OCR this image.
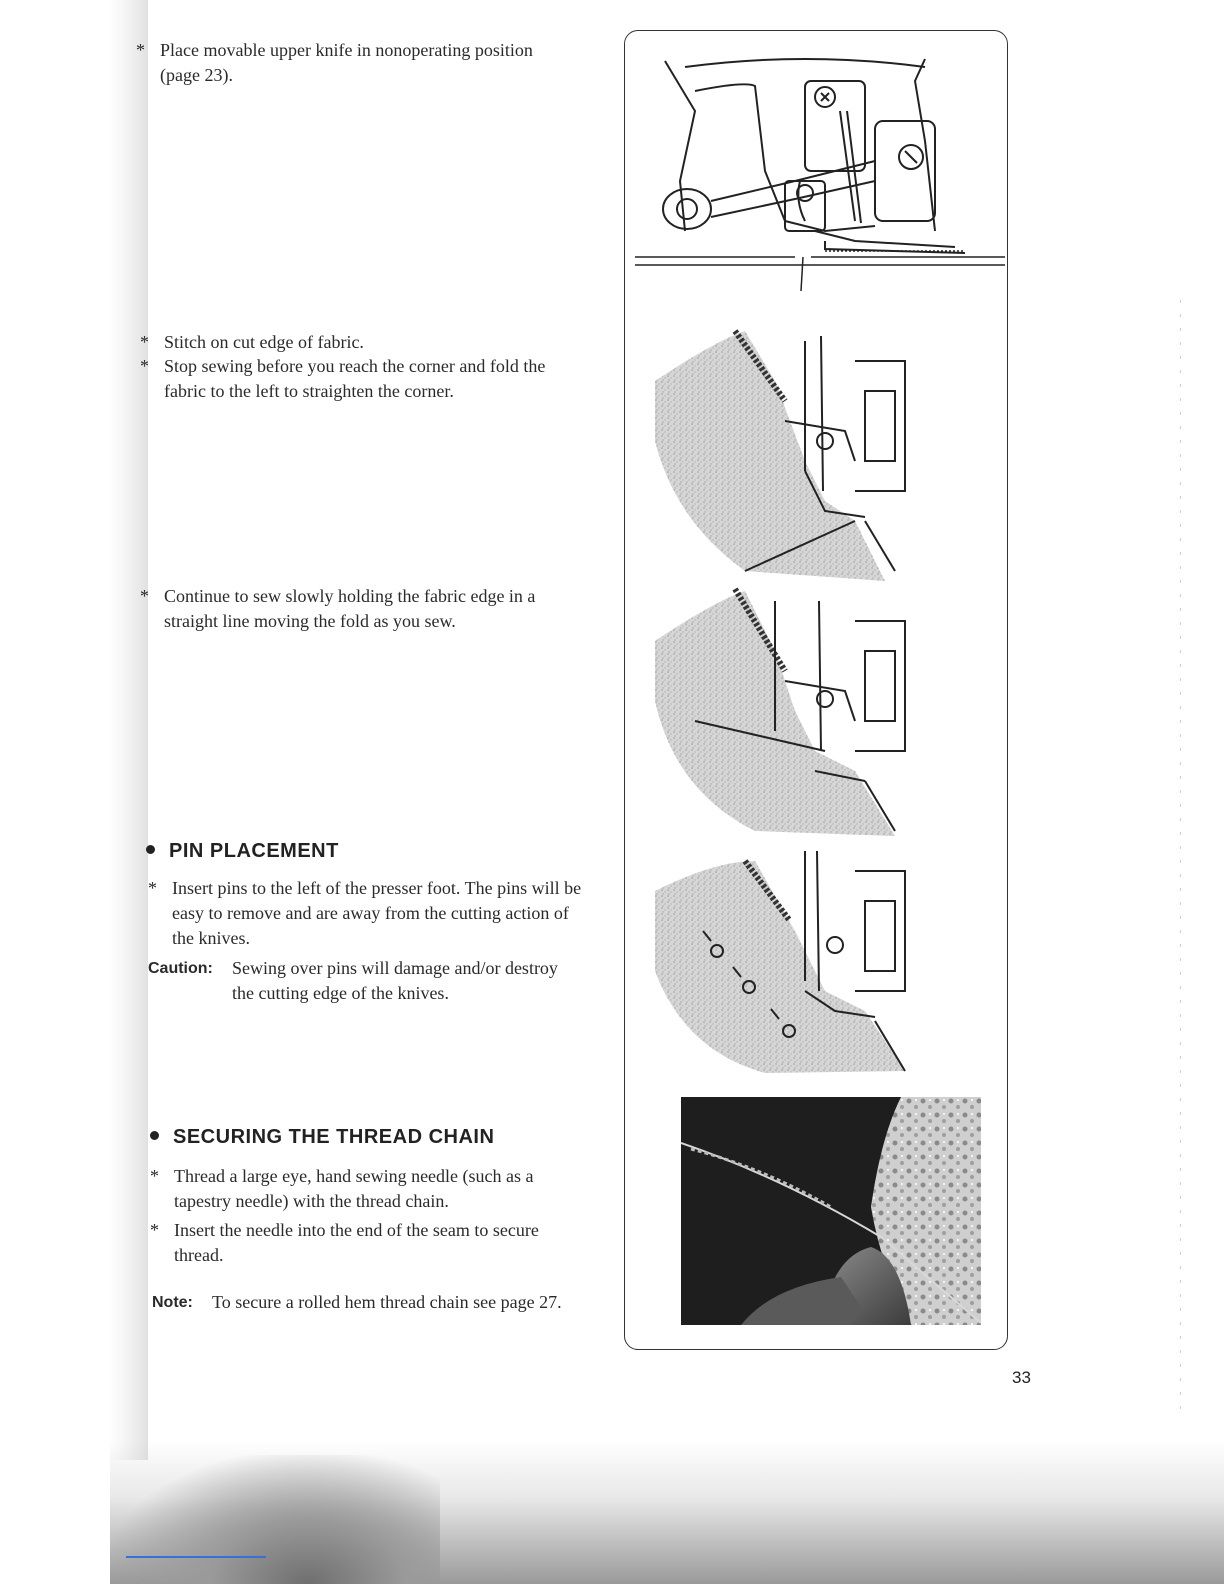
* Place movable upper knife in nonoperating position (page 23).
* Stitch on cut edge of fabric.
* Stop sewing before you reach the corner and fold the fabric to the left to straighten the corner.
* Continue to sew slowly holding the fabric edge in a straight line moving the fold as you sew.
PIN PLACEMENT
* Insert pins to the left of the presser foot. The pins will be easy to remove and are away from the cutting action of the knives.
Caution:	Sewing over pins will damage and/or destroy the cutting edge of the knives.
SECURING THE THREAD CHAIN
* Thread a large eye, hand sewing needle (such as a tapestry needle) with the thread chain.
* Insert the needle into the end of the seam to secure thread.
Note:	To secure a rolled hem thread chain see page 27.
33
